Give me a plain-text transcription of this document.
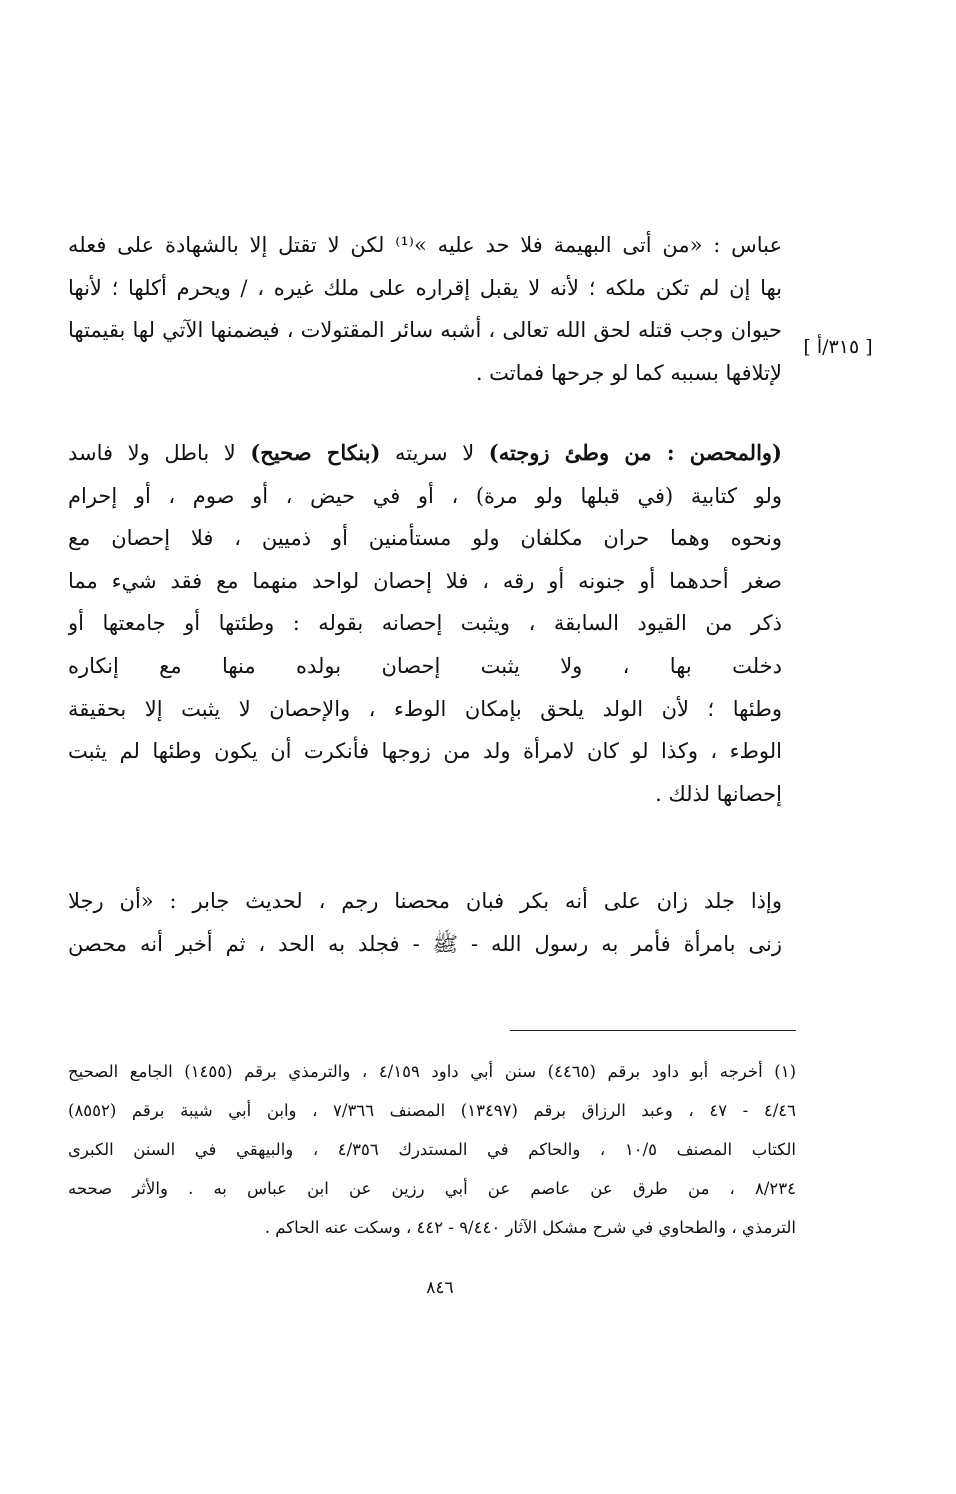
عباس : «من أتى البهيمة فلا حد عليه »⁽¹⁾ لكن لا تقتل إلا بالشهادة على فعله
بها إن لم تكن ملكه ؛ لأنه لا يقبل إقراره على ملك غيره ، / ويحرم أكلها ؛ لأنها
حيوان وجب قتله لحق الله تعالى ، أشبه سائر المقتولات ، فيضمنها الآتي لها بقيمتها
لإتلافها بسببه كما لو جرحها فماتت .
[ ٣١٥/أ ]
(والمحصن : من وطئ زوجته) لا سريته (بنكاح صحيح) لا باطل ولا فاسد
ولو كتابية (في قبلها ولو مرة) ، أو في حيض ، أو صوم ، أو إحرام
ونحوه وهما حران مكلفان ولو مستأمنين أو ذميين ، فلا إحصان مع
صغر أحدهما أو جنونه أو رقه ، فلا إحصان لواحد منهما مع فقد شيء مما
ذكر من القيود السابقة ، ويثبت إحصانه بقوله : وطئتها أو جامعتها أو
دخلت بها ، ولا يثبت إحصان بولده منها مع إنكاره
وطئها ؛ لأن الولد يلحق بإمكان الوطء ، والإحصان لا يثبت إلا بحقيقة
الوطء ، وكذا لو كان لامرأة ولد من زوجها فأنكرت أن يكون وطئها لم يثبت
إحصانها لذلك .
وإذا جلد زان على أنه بكر فبان محصنا رجم ، لحديث جابر : «أن رجلا
زنى بامرأة فأمر به رسول الله - ﷺ - فجلد به الحد ، ثم أخبر أنه محصن
(١) أخرجه أبو داود برقم (٤٤٦٥) سنن أبي داود ٤/١٥٩ ، والترمذي برقم (١٤٥٥) الجامع الصحيح
٤/٤٦ - ٤٧ ، وعبد الرزاق برقم (١٣٤٩٧) المصنف ٧/٣٦٦ ، وابن أبي شيبة برقم (٨٥٥٢)
الكتاب المصنف ١٠/٥ ، والحاكم في المستدرك ٤/٣٥٦ ، والبيهقي في السنن الكبرى
٨/٢٣٤ ، من طرق عن عاصم عن أبي رزين عن ابن عباس به . والأثر صححه
الترمذي ، والطحاوي في شرح مشكل الآثار ٩/٤٤٠ - ٤٤٢ ، وسكت عنه الحاكم .
٨٤٦
